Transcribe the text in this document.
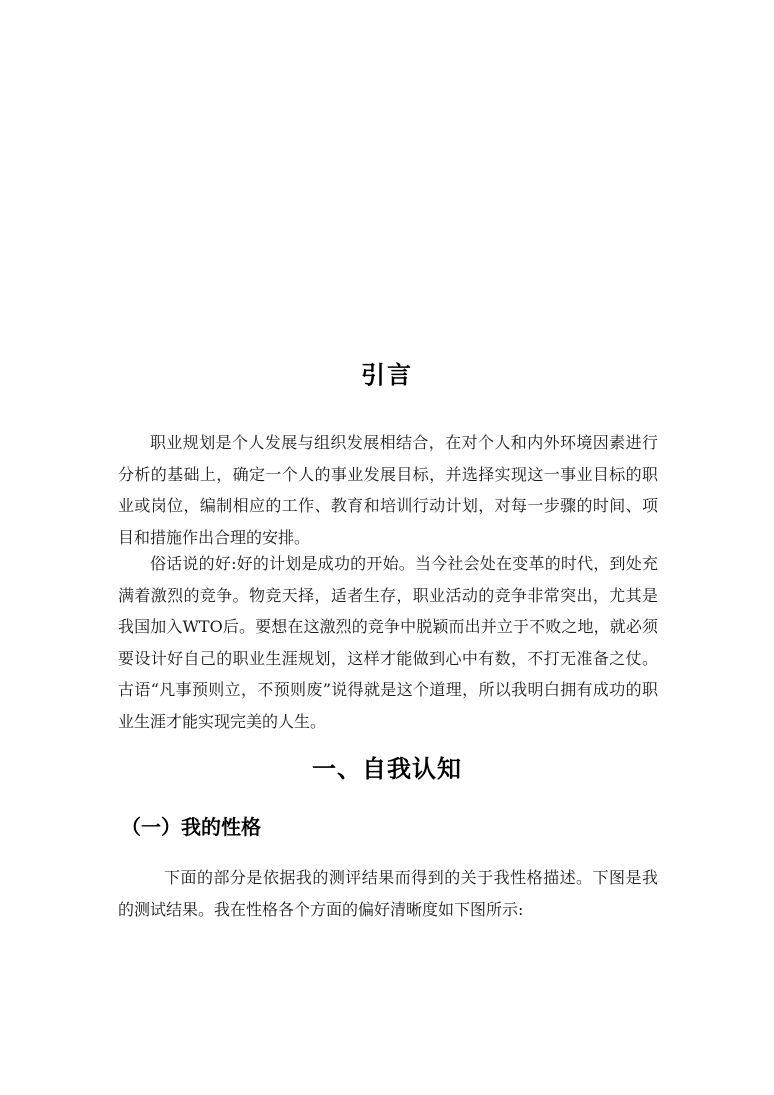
引言

职业规划是个人发展与组织发展相结合，在对个人和内外环境因素进行分析的基础上，确定一个人的事业发展目标，并选择实现这一事业目标的职业或岗位，编制相应的工作、教育和培训行动计划，对每一步骤的时间、项目和措施作出合理的安排。

俗话说的好:好的计划是成功的开始。当今社会处在变革的时代，到处充满着激烈的竞争。物竞天择，适者生存，职业活动的竞争非常突出，尤其是我国加入WTO后。要想在这激烈的竞争中脱颖而出并立于不败之地，就必须要设计好自己的职业生涯规划，这样才能做到心中有数，不打无准备之仗。古语“凡事预则立，不预则废”说得就是这个道理，所以我明白拥有成功的职业生涯才能实现完美的人生。

一、自我认知
（一）我的性格

下面的部分是依据我的测评结果而得到的关于我性格描述。下图是我的测试结果。我在性格各个方面的偏好清晰度如下图所示:
